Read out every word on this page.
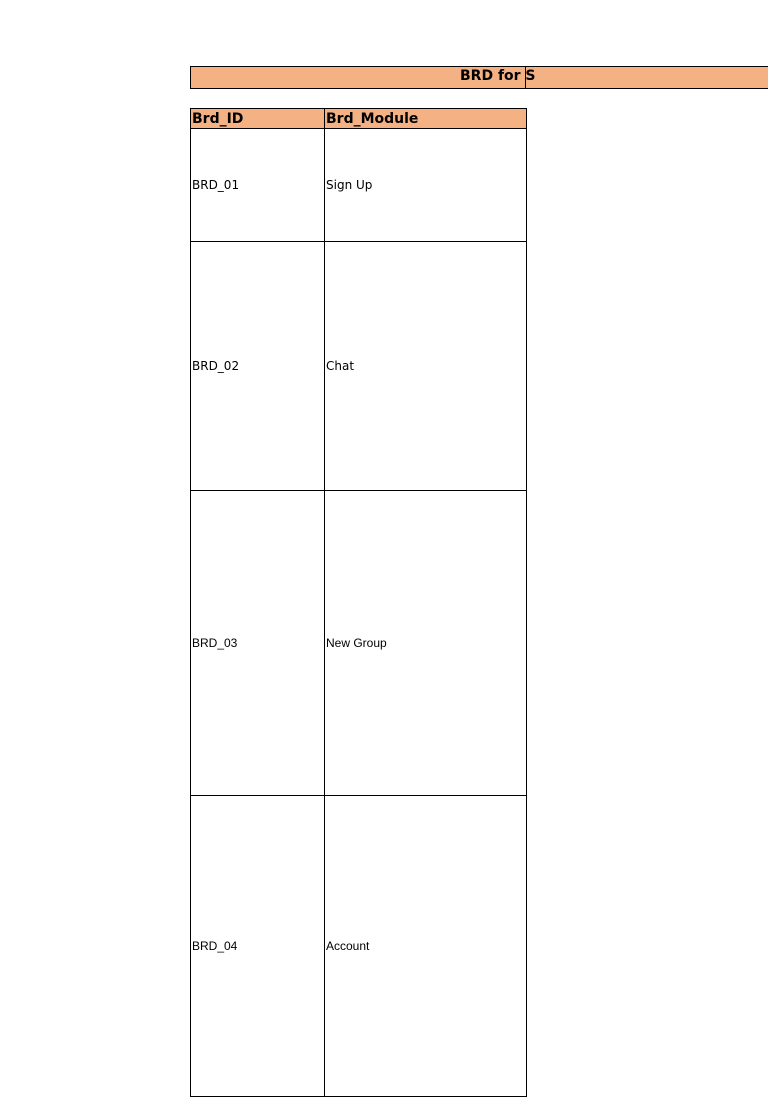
BRD for S
Brd_ID	Brd_Module
BRD_01	Sign Up
BRD_02	Chat
BRD_03	New Group
BRD_04	Account
